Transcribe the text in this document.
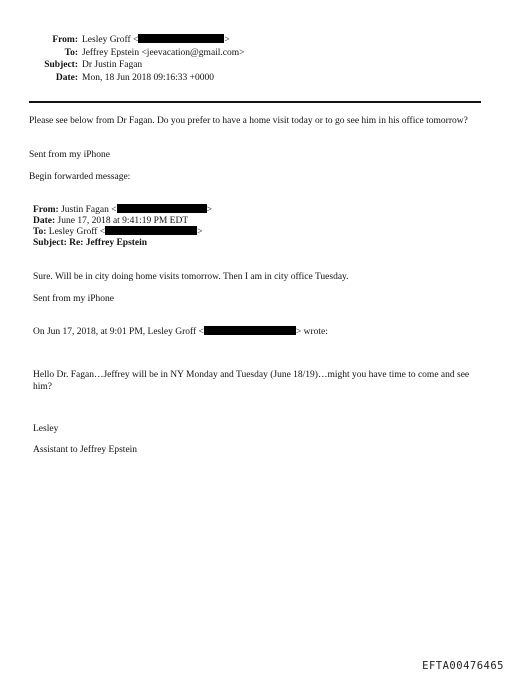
From: Lesley Groff <	>
To: Jeffrey Epstein <jeevacation@gmail.com>
Subject: Dr Justin Fagan
Date: Mon, 18 Jun 2018 09:16:33 +0000

Please see below from Dr Fagan. Do you prefer to have a home visit today or to go see him in his office tomorrow?

Sent from my iPhone

Begin forwarded message:

From: Justin Fagan <	>
Date: June 17, 2018 at 9:41:19 PM EDT
To: Lesley Groff <	>
Subject: Re: Jeffrey Epstein

Sure. Will be in city doing home visits tomorrow. Then I am in city office Tuesday.

Sent from my iPhone

On Jun 17, 2018, at 9:01 PM, Lesley Groff <	> wrote:

Hello Dr. Fagan…Jeffrey will be in NY Monday and Tuesday (June 18/19)…might you have time to come and see him?

Lesley

Assistant to Jeffrey Epstein

EFTA00476465
